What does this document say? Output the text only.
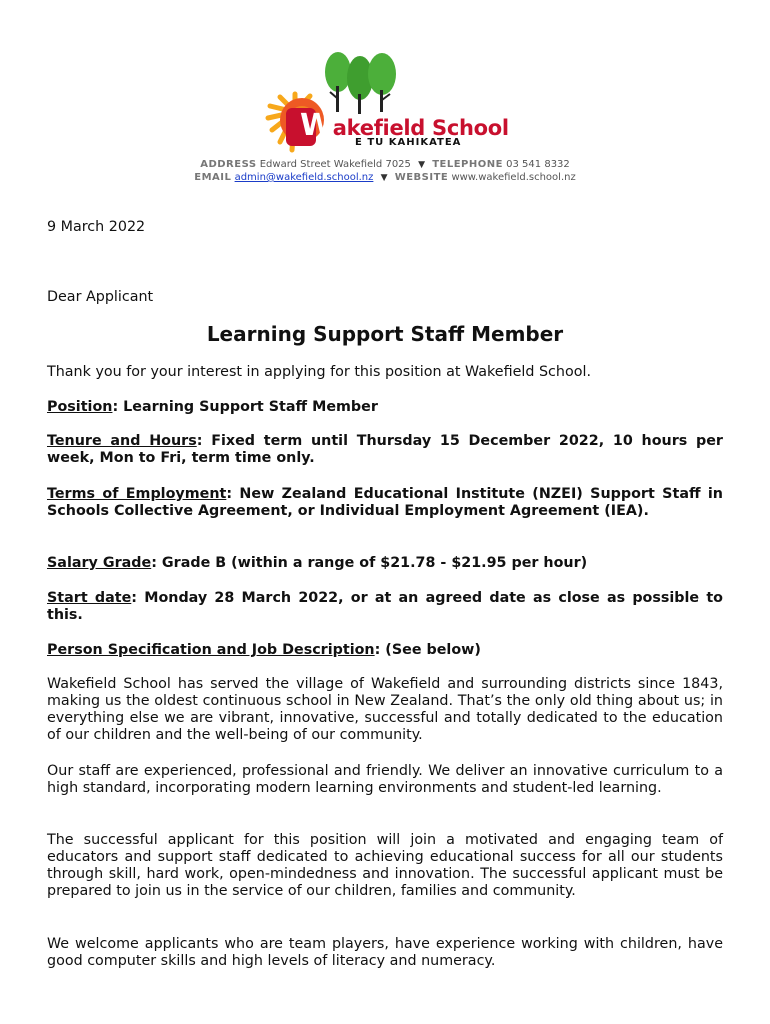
Wakefield School
E TU KAHIKATEA
ADDRESS Edward Street Wakefield 7025 ▼ TELEPHONE 03 541 8332
EMAIL admin@wakefield.school.nz ▼ WEBSITE www.wakefield.school.nz
9 March 2022
Dear Applicant
Learning Support Staff Member
Thank you for your interest in applying for this position at Wakefield School.
Position: Learning Support Staff Member
Tenure and Hours: Fixed term until Thursday 15 December 2022, 10 hours per week, Mon to Fri, term time only.
Terms of Employment: New Zealand Educational Institute (NZEI) Support Staff in Schools Collective Agreement, or Individual Employment Agreement (IEA).
Salary Grade: Grade B (within a range of $21.78 - $21.95 per hour)
Start date: Monday 28 March 2022, or at an agreed date as close as possible to this.
Person Specification and Job Description: (See below)
Wakefield School has served the village of Wakefield and surrounding districts since 1843, making us the oldest continuous school in New Zealand. That’s the only old thing about us; in everything else we are vibrant, innovative, successful and totally dedicated to the education of our children and the well-being of our community.
Our staff are experienced, professional and friendly. We deliver an innovative curriculum to a high standard, incorporating modern learning environments and student-led learning.
The successful applicant for this position will join a motivated and engaging team of educators and support staff dedicated to achieving educational success for all our students through skill, hard work, open-mindedness and innovation. The successful applicant must be prepared to join us in the service of our children, families and community.
We welcome applicants who are team players, have experience working with children, have good computer skills and high levels of literacy and numeracy.
